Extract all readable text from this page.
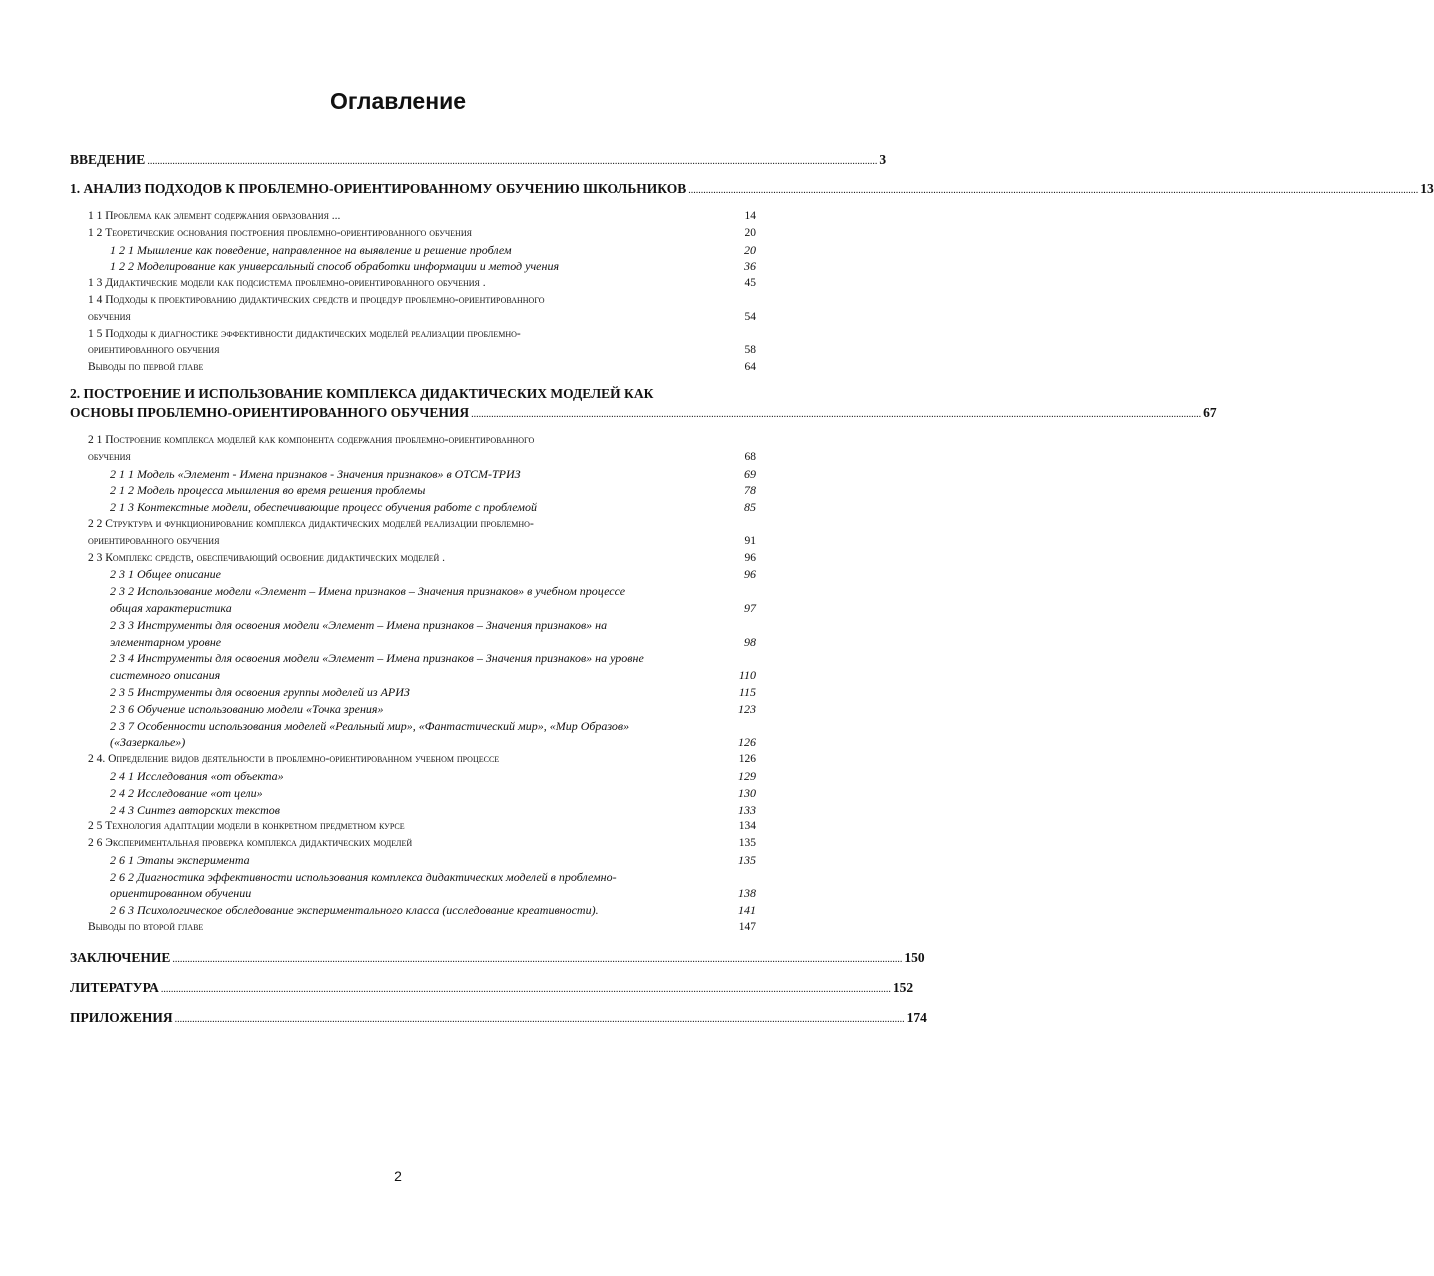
Оглавление
ВВЕДЕНИЕ .....	3
1. АНАЛИЗ ПОДХОДОВ К ПРОБЛЕМНО-ОРИЕНТИРОВАННОМУ ОБУЧЕНИЮ ШКОЛЬНИКОВ .....	13
1 1 Проблема как элемент содержания образования ...	14
1 2 Теоретические основания построения проблемно-ориентированного обучения	20
1 2 1 Мышление как поведение, направленное на выявление и решение проблем	20
1 2 2 Моделирование как универсальный способ обработки информации и метод учения	36
1 3 Дидактические модели как подсистема проблемно-ориентированного обучения .	45
1 4 Подходы к проектированию дидактических средств и процедур проблемно-ориентированного
обучения	54
1 5 Подходы к диагностике эффективности дидактических моделей реализации проблемно-
ориентированного обучения	58
Выводы по первой главе	64
2. ПОСТРОЕНИЕ И ИСПОЛЬЗОВАНИЕ КОМПЛЕКСА ДИДАКТИЧЕСКИХ МОДЕЛЕЙ КАК
ОСНОВЫ ПРОБЛЕМНО-ОРИЕНТИРОВАННОГО ОБУЧЕНИЯ .....	67
2 1 Построение комплекса моделей как компонента содержания проблемно-ориентированного
обучения	68
2 1 1 Модель «Элемент - Имена признаков - Значения признаков» в ОТСМ-ТРИЗ	69
2 1 2 Модель процесса мышления во время решения проблемы	78
2 1 3 Контекстные модели, обеспечивающие процесс обучения работе с проблемой	85
2 2 Структура и функционирование комплекса дидактических моделей реализации проблемно-
ориентированного обучения	91
2 3 Комплекс средств, обеспечивающий освоение дидактических моделей .	96
2 3 1 Общее описание	96
2 3 2 Использование модели «Элемент – Имена признаков – Значения признаков» в учебном процессе
общая характеристика	97
2 3 3 Инструменты для освоения модели «Элемент – Имена признаков – Значения признаков» на
элементарном уровне	98
2 3 4 Инструменты для освоения модели «Элемент – Имена признаков – Значения признаков» на уровне
системного описания	110
2 3 5 Инструменты для освоения группы моделей из АРИЗ	115
2 3 6 Обучение использованию модели «Точка зрения»	123
2 3 7 Особенности использования моделей «Реальный мир», «Фантастический мир», «Мир Образов»
(«Зазеркалье»)	126
2 4. Определение видов деятельности в проблемно-ориентированном учебном процессе	126
2 4 1 Исследования «от объекта»	129
2 4 2 Исследование «от цели»	130
2 4 3 Синтез авторских текстов	133
2 5 Технология адаптации модели в конкретном предметном курсе	134
2 6 Экспериментальная проверка комплекса дидактических моделей	135
2 6 1 Этапы эксперимента	135
2 6 2 Диагностика эффективности использования комплекса дидактических моделей в проблемно-
ориентированном обучении	138
2 6 3 Психологическое обследование экспериментального класса (исследование креативности).	141
Выводы по второй главе	147
ЗАКЛЮЧЕНИЕ .....	150
ЛИТЕРАТУРА .....	152
ПРИЛОЖЕНИЯ .....	174
2
